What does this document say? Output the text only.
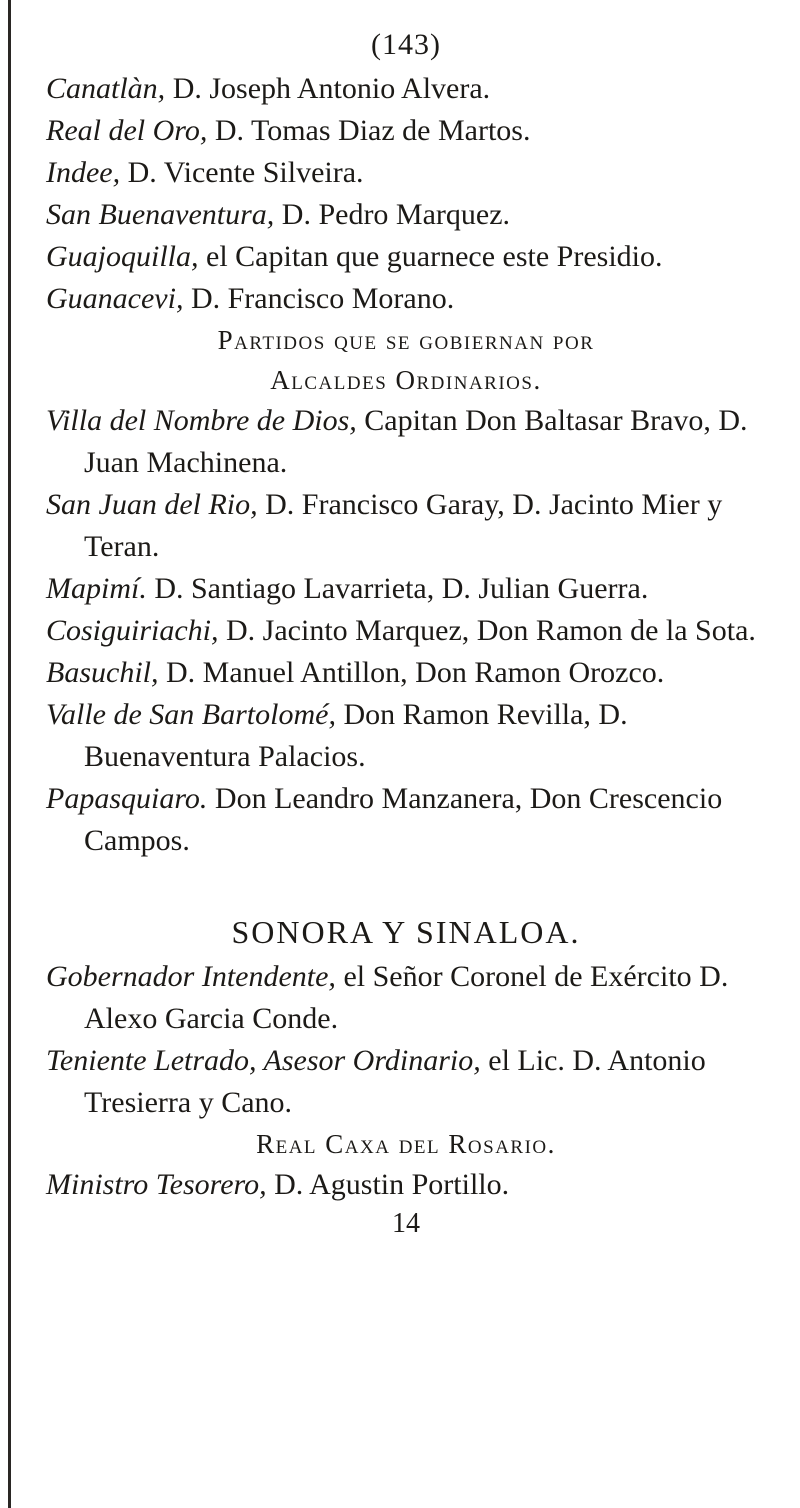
(143)

Canatlàn, D. Joseph Antonio Alvera.

Real del Oro, D. Tomas Diaz de Martos.

Indee, D. Vicente Silveira.

San Buenaventura, D. Pedro Marquez.

Guajoquilla, el Capitan que guarnece este Presidio.

Guanacevi, D. Francisco Morano.

Partidos que se gobiernan por

Alcaldes Ordinarios.

Villa del Nombre de Dios, Capitan Don Baltasar Bravo, D. Juan Machinena.

San Juan del Rio, D. Francisco Garay, D. Jacinto Mier y Teran.

Mapimí. D. Santiago Lavarrieta, D. Julian Guerra.

Cosiguiriachi, D. Jacinto Marquez, Don Ramon de la Sota.

Basuchil, D. Manuel Antillon, Don Ramon Orozco.

Valle de San Bartolomé, Don Ramon Revilla, D. Buenaventura Palacios.

Papasquiaro. Don Leandro Manzanera, Don Crescencio Campos.

SONORA Y SINALOA.

Gobernador Intendente, el Señor Coronel de Exército D. Alexo Garcia Conde.

Teniente Letrado, Asesor Ordinario, el Lic. D. Antonio Tresierra y Cano.

Real Caxa del Rosario.

Ministro Tesorero, D. Agustin Portillo.

14
